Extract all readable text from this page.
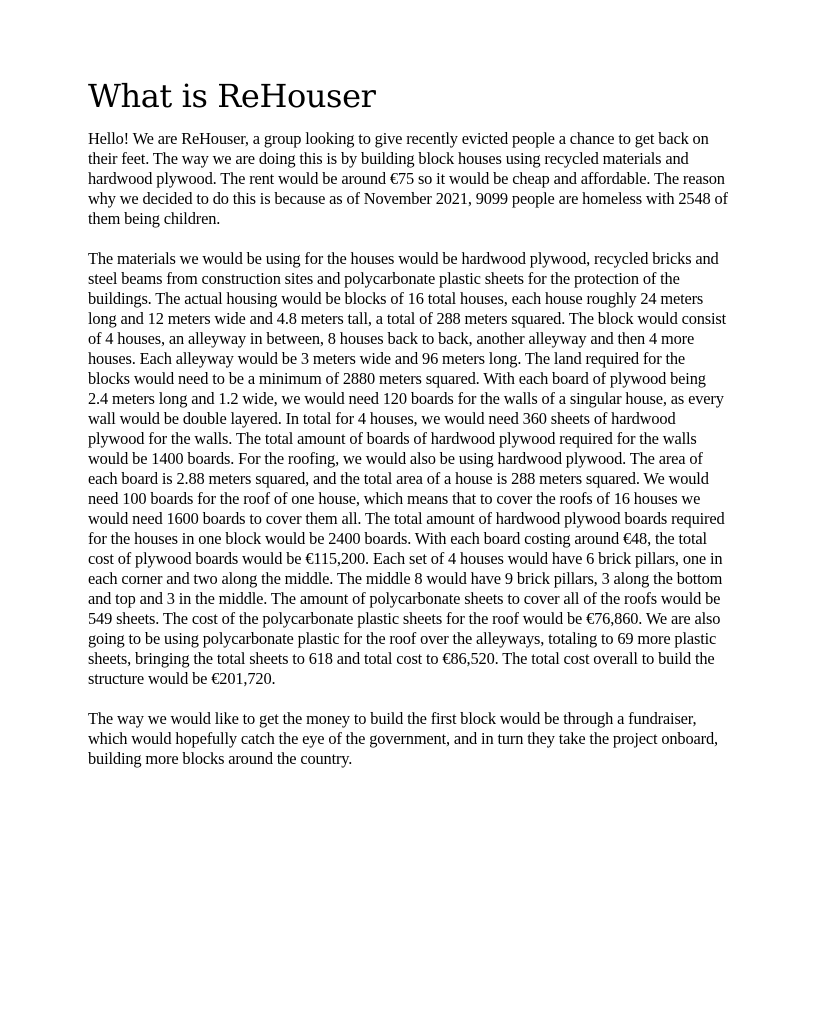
What is ReHouser

Hello! We are ReHouser, a group looking to give recently evicted people a chance to get back on their feet. The way we are doing this is by building block houses using recycled materials and hardwood plywood. The rent would be around €75 so it would be cheap and affordable. The reason why we decided to do this is because as of November 2021, 9099 people are homeless with 2548 of them being children.

The materials we would be using for the houses would be hardwood plywood, recycled bricks and steel beams from construction sites and polycarbonate plastic sheets for the protection of the buildings. The actual housing would be blocks of 16 total houses, each house roughly 24 meters long and 12 meters wide and 4.8 meters tall, a total of 288 meters squared. The block would consist of 4 houses, an alleyway in between, 8 houses back to back, another alleyway and then 4 more houses. Each alleyway would be 3 meters wide and 96 meters long. The land required for the blocks would need to be a minimum of 2880 meters squared. With each board of plywood being 2.4 meters long and 1.2 wide, we would need 120 boards for the walls of a singular house, as every wall would be double layered. In total for 4 houses, we would need 360 sheets of hardwood plywood for the walls. The total amount of boards of hardwood plywood required for the walls would be 1400 boards. For the roofing, we would also be using hardwood plywood. The area of each board is 2.88 meters squared, and the total area of a house is 288 meters squared. We would need 100 boards for the roof of one house, which means that to cover the roofs of 16 houses we would need 1600 boards to cover them all. The total amount of hardwood plywood boards required for the houses in one block would be 2400 boards. With each board costing around €48, the total cost of plywood boards would be €115,200. Each set of 4 houses would have 6 brick pillars, one in each corner and two along the middle. The middle 8 would have 9 brick pillars, 3 along the bottom and top and 3 in the middle. The amount of polycarbonate sheets to cover all of the roofs would be 549 sheets. The cost of the polycarbonate plastic sheets for the roof would be €76,860. We are also going to be using polycarbonate plastic for the roof over the alleyways, totaling to 69 more plastic sheets, bringing the total sheets to 618 and total cost to €86,520. The total cost overall to build the structure would be €201,720.

The way we would like to get the money to build the first block would be through a fundraiser, which would hopefully catch the eye of the government, and in turn they take the project onboard, building more blocks around the country.
